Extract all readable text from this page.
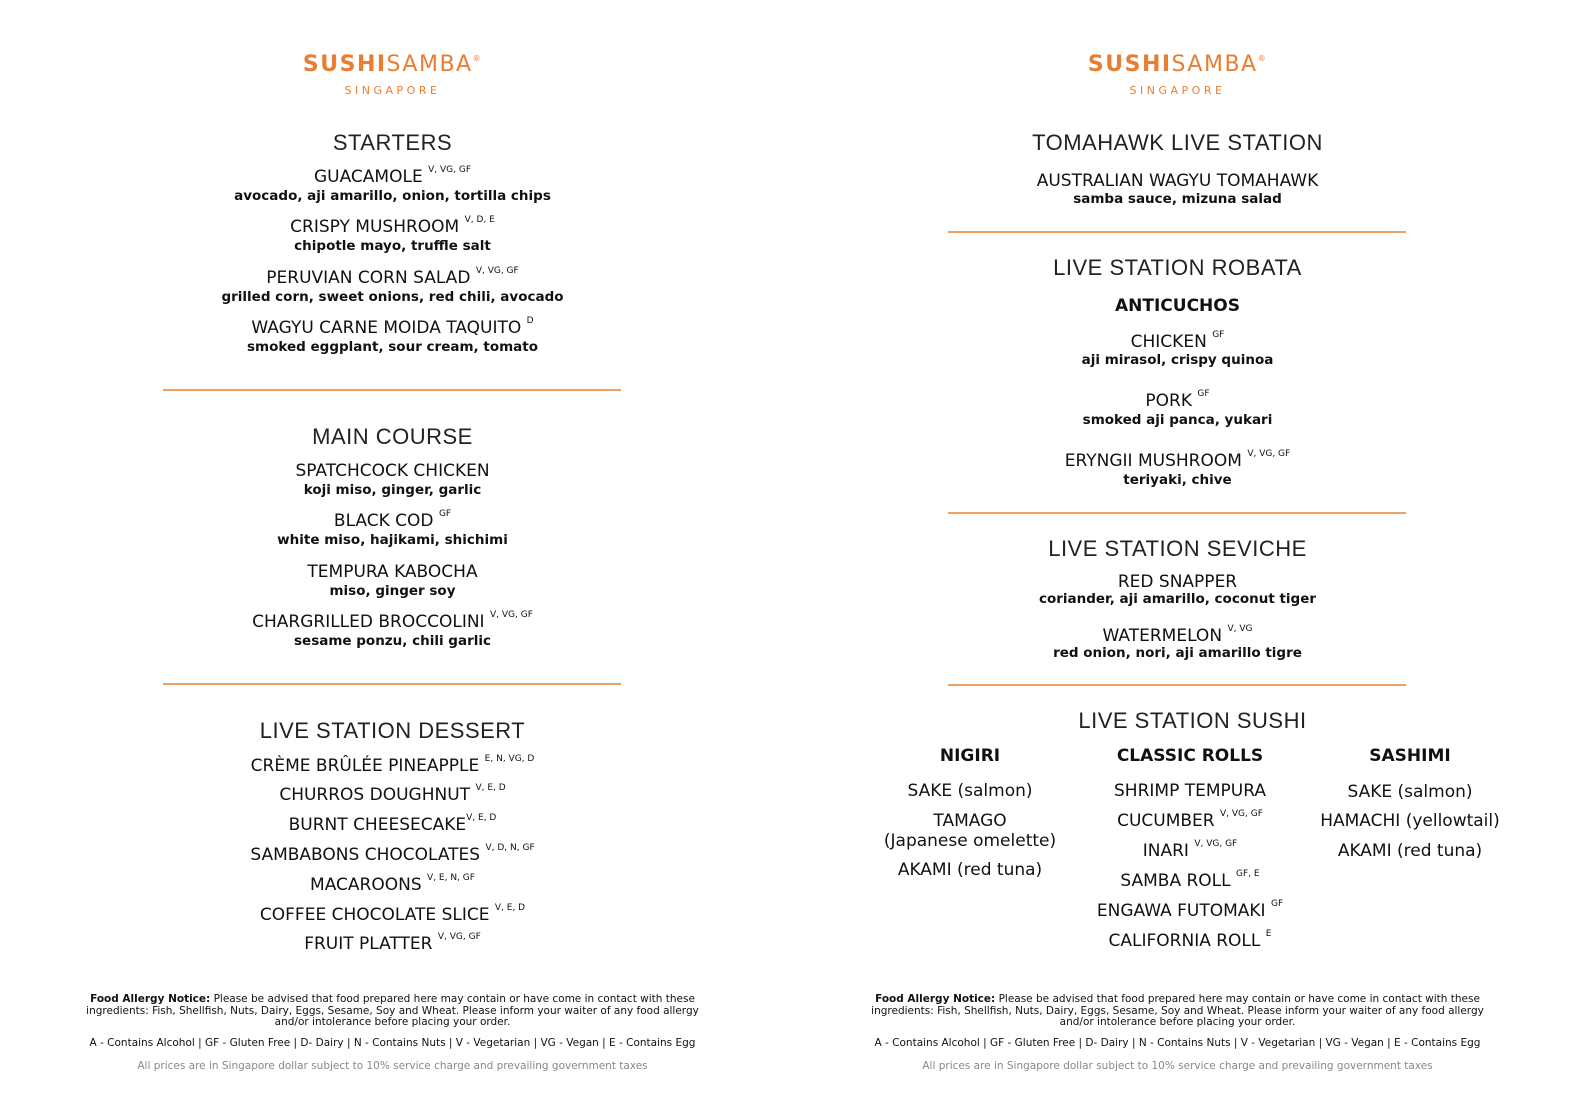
SUSHISAMBA®
SINGAPORE
STARTERS
GUACAMOLE $^{V, VG, GF}$
avocado, aji amarillo, onion, tortilla chips
CRISPY MUSHROOM $^{V, D, E}$
chipotle mayo, truffle salt
PERUVIAN CORN SALAD $^{V, VG, GF}$
grilled corn, sweet onions, red chili, avocado
WAGYU CARNE MOIDA TAQUITO $^D$
smoked eggplant, sour cream, tomato
MAIN COURSE
SPATCHCOCK CHICKEN
koji miso, ginger, garlic
BLACK COD $^{GF}$
white miso, hajikami, shichimi
TEMPURA KABOCHA
miso, ginger soy
CHARGRILLED BROCCOLINI $^{V, VG, GF}$
sesame ponzu, chili garlic
LIVE STATION DESSERT
CRÈME BRÛLÉE PINEAPPLE $^{E, N, VG, D}$
CHURROS DOUGHNUT $^{V, E, D}$
BURNT $CHEESECAKE^{V, E, D}$
SAMBABONS CHOCOLATES $^{V, D, N, GF}$
MACAROONS $^{V, E, N, GF}$
COFFEE CHOCOLATE SLICE $^{V, E, D}$
FRUIT PLATTER $^{V, VG, GF}$
Food Allergy Notice: Please be advised that food prepared here may contain or have come in contact with these
ingredients: Fish, Shellfish, Nuts, Dairy, Eggs, Sesame, Soy and Wheat. Please inform your waiter of any food allergy
and/or intolerance before placing your order.
A - Contains Alcohol | GF - Gluten Free | D- Dairy | N - Contains Nuts | V - Vegetarian | VG - Vegan | E - Contains Egg
All prices are in Singapore dollar subject to 10% service charge and prevailing government taxes
SUSHISAMBA®
SINGAPORE
TOMAHAWK LIVE STATION
AUSTRALIAN WAGYU TOMAHAWK
samba sauce, mizuna salad
LIVE STATION ROBATA
ANTICUCHOS
CHICKEN $^{GF}$
aji mirasol, crispy quinoa
PORK $^{GF}$
smoked aji panca, yukari
ERYNGII MUSHROOM $^{V, VG, GF}$
teriyaki, chive
LIVE STATION SEVICHE
RED SNAPPER
coriander, aji amarillo, coconut tiger
WATERMELON $^{V, VG}$
red onion, nori, aji amarillo tigre
LIVE STATION SUSHI
NIGIRI
SAKE (salmon)
TAMAGO
(Japanese omelette)
AKAMI (red tuna)
CLASSIC ROLLS
SHRIMP TEMPURA
CUCUMBER $^{V, VG, GF}$
INARI $^{V, VG, GF}$
SAMBA ROLL $^{GF, E}$
ENGAWA FUTOMAKI $^{GF}$
CALIFORNIA ROLL $^E$
SASHIMI
SAKE (salmon)
HAMACHI (yellowtail)
AKAMI (red tuna)
Food Allergy Notice: Please be advised that food prepared here may contain or have come in contact with these
ingredients: Fish, Shellfish, Nuts, Dairy, Eggs, Sesame, Soy and Wheat. Please inform your waiter of any food allergy
and/or intolerance before placing your order.
A - Contains Alcohol | GF - Gluten Free | D- Dairy | N - Contains Nuts | V - Vegetarian | VG - Vegan | E - Contains Egg
All prices are in Singapore dollar subject to 10% service charge and prevailing government taxes
